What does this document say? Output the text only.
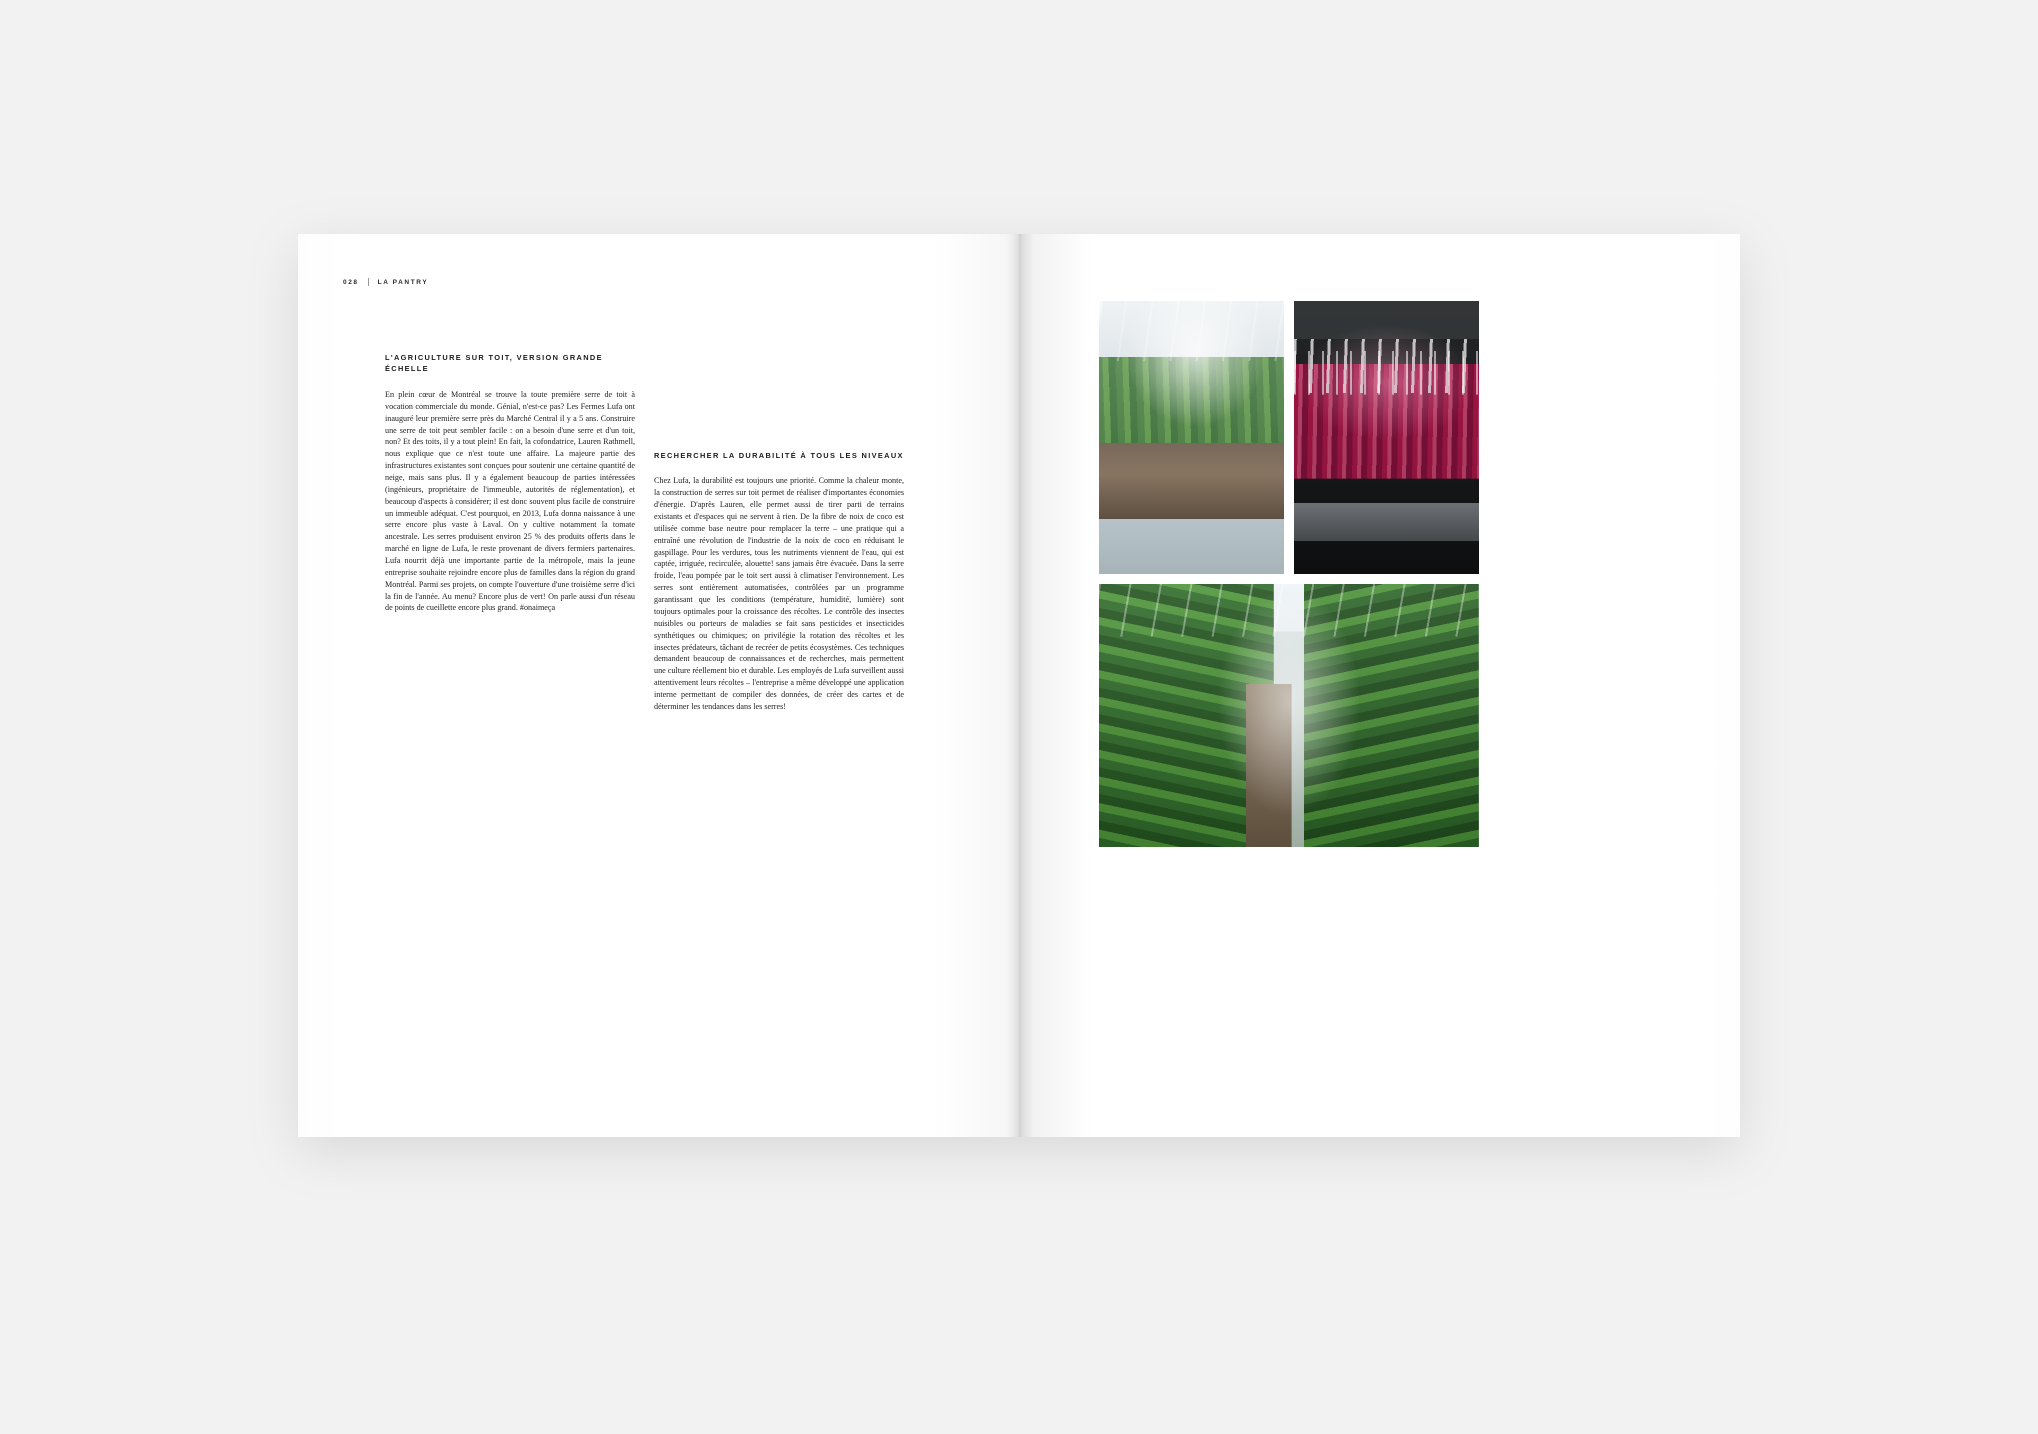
028	LA PANTRY
L'AGRICULTURE SUR TOIT, VERSION GRANDE ÉCHELLE

En plein cœur de Montréal se trouve la toute première serre de toit à vocation commerciale du monde. Génial, n'est-ce pas? Les Fermes Lufa ont inauguré leur première serre près du Marché Central il y a 5 ans. Construire une serre de toit peut sembler facile : on a besoin d'une serre et d'un toit, non? Et des toits, il y a tout plein! En fait, la cofondatrice, Lauren Rathmell, nous explique que ce n'est toute une affaire. La majeure partie des infrastructures existantes sont conçues pour soutenir une certaine quantité de neige, mais sans plus. Il y a également beaucoup de parties intéressées (ingénieurs, propriétaire de l'immeuble, autorités de réglementation), et beaucoup d'aspects à considérer; il est donc souvent plus facile de construire un immeuble adéquat. C'est pourquoi, en 2013, Lufa donna naissance à une serre encore plus vaste à Laval. On y cultive notamment la tomate ancestrale. Les serres produisent environ 25 % des produits offerts dans le marché en ligne de Lufa, le reste provenant de divers fermiers partenaires. Lufa nourrit déjà une importante partie de la métropole, mais la jeune entreprise souhaite rejoindre encore plus de familles dans la région du grand Montréal. Parmi ses projets, on compte l'ouverture d'une troisième serre d'ici la fin de l'année. Au menu? Encore plus de vert! On parle aussi d'un réseau de points de cueillette encore plus grand. #onaimeça

RECHERCHER LA DURABILITÉ À TOUS LES NIVEAUX

Chez Lufa, la durabilité est toujours une priorité. Comme la chaleur monte, la construction de serres sur toit permet de réaliser d'importantes économies d'énergie. D'après Lauren, elle permet aussi de tirer parti de terrains existants et d'espaces qui ne servent à rien. De la fibre de noix de coco est utilisée comme base neutre pour remplacer la terre – une pratique qui a entraîné une révolution de l'industrie de la noix de coco en réduisant le gaspillage. Pour les verdures, tous les nutriments viennent de l'eau, qui est captée, irriguée, recirculée, alouette! sans jamais être évacuée. Dans la serre froide, l'eau pompée par le toit sert aussi à climatiser l'environnement. Les serres sont entièrement automatisées, contrôlées par un programme garantissant que les conditions (température, humidité, lumière) sont toujours optimales pour la croissance des récoltes. Le contrôle des insectes nuisibles ou porteurs de maladies se fait sans pesticides et insecticides synthétiques ou chimiques; on privilégie la rotation des récoltes et les insectes prédateurs, tâchant de recréer de petits écosystèmes. Ces techniques demandent beaucoup de connaissances et de recherches, mais permettent une culture réellement bio et durable. Les employés de Lufa surveillent aussi attentivement leurs récoltes – l'entreprise a même développé une application interne permettant de compiler des données, de créer des cartes et de déterminer les tendances dans les serres!
